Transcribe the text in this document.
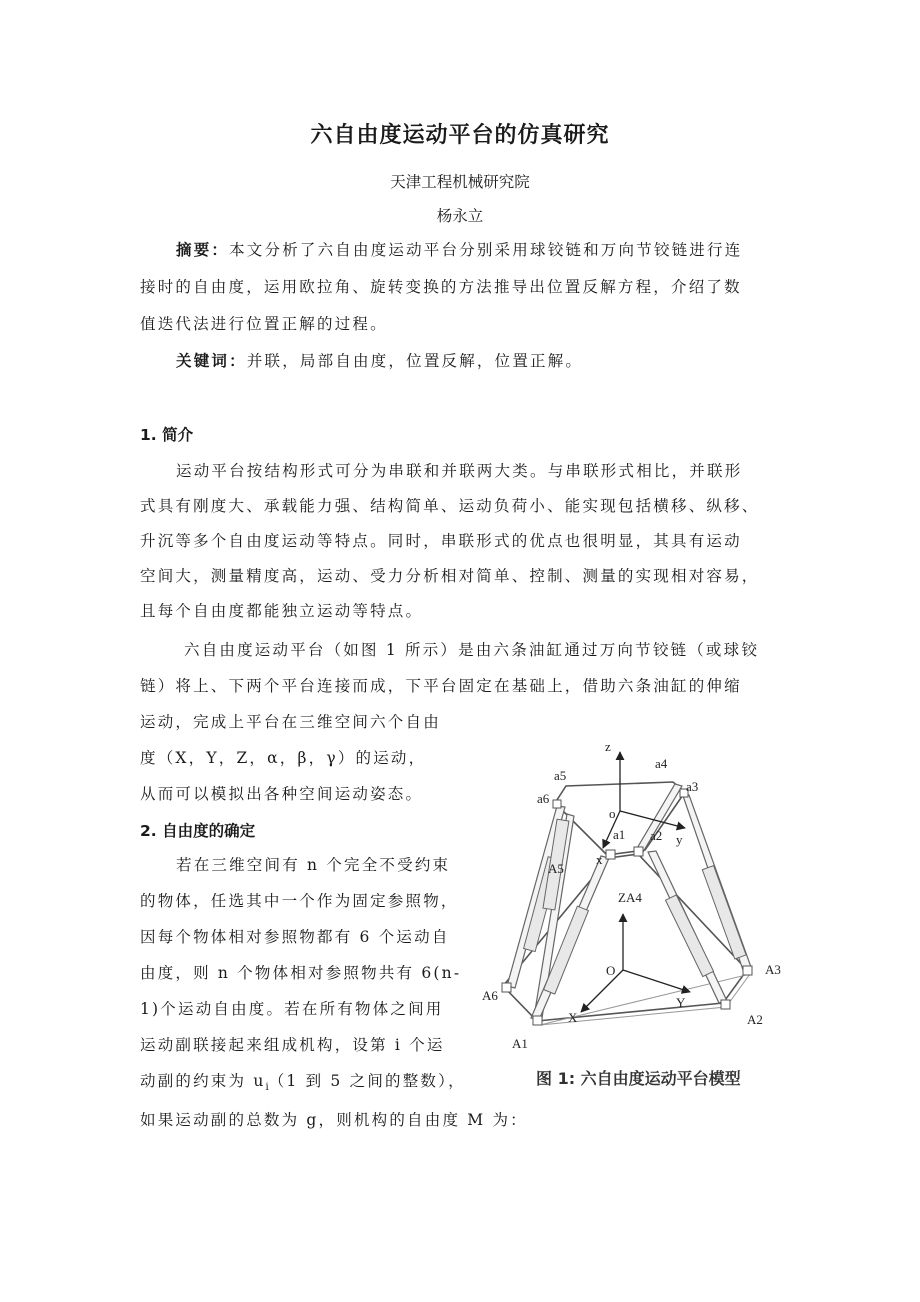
六自由度运动平台的仿真研究
天津工程机械研究院
杨永立
摘要：本文分析了六自由度运动平台分别采用球铰链和万向节铰链进行连
接时的自由度，运用欧拉角、旋转变换的方法推导出位置反解方程，介绍了数
值迭代法进行位置正解的过程。
关键词：并联，局部自由度，位置反解，位置正解。
1. 简介
运动平台按结构形式可分为串联和并联两大类。与串联形式相比，并联形
式具有刚度大、承载能力强、结构简单、运动负荷小、能实现包括横移、纵移、
升沉等多个自由度运动等特点。同时，串联形式的优点也很明显，其具有运动
空间大，测量精度高，运动、受力分析相对简单、控制、测量的实现相对容易，
且每个自由度都能独立运动等特点。
六自由度运动平台（如图 1 所示）是由六条油缸通过万向节铰链（或球铰
链）将上、下两个平台连接而成，下平台固定在基础上，借助六条油缸的伸缩
运动，完成上平台在三维空间六个自由
度（X，Y，Z，α，β，γ）的运动，
从而可以模拟出各种空间运动姿态。
2. 自由度的确定
若在三维空间有 n 个完全不受约束
的物体，任选其中一个作为固定参照物，
因每个物体相对参照物都有 6 个运动自
由度，则 n 个物体相对参照物共有 6(n-
1)个运动自由度。若在所有物体之间用
运动副联接起来组成机构，设第 i 个运
动副的约束为 $u_i(1$ 到 5 之间的整数），
如果运动副的总数为 g，则机构的自由度 M 为：
z
o
x
y
a1 a2
a3
a4
a5
a6
Z
O
X
Y
A1
A2
A3
A4
A5
A6
图 1: 六自由度运动平台模型
